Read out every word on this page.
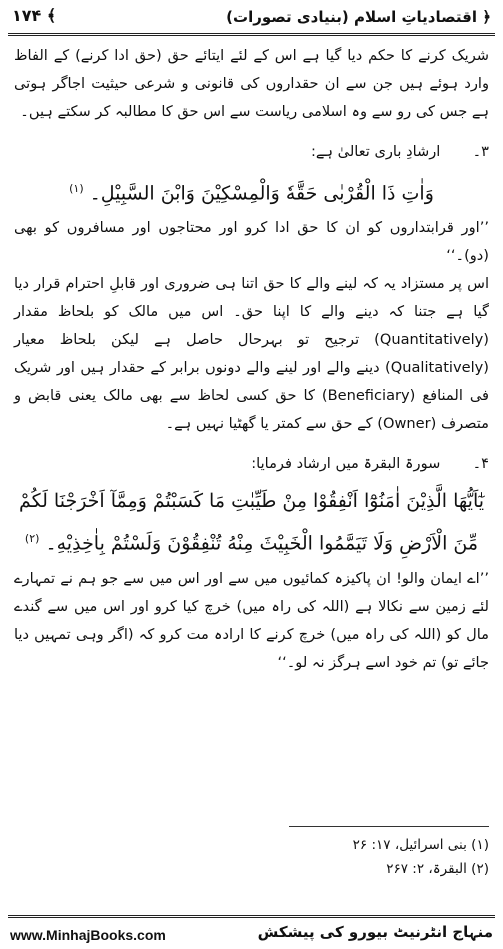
﴿ اقتصادیاتِ اسلام (بنیادی تصورات)
۱۷۴ ﴾

شریک کرنے کا حکم دیا گیا ہے اس کے لئے ایتائے حق (حق ادا کرنے) کے الفاظ وارد ہوئے ہیں جن سے ان حقداروں کی قانونی و شرعی حیثیت اجاگر ہوتی ہے جس کی رو سے وہ اسلامی ریاست سے اس حق کا مطالبہ کر سکتے ہیں۔

۳۔ ارشادِ باری تعالیٰ ہے:

وَاٰتِ ذَا الْقُرْبٰى حَقَّهٗ وَالْمِسْكِيْنَ وَابْنَ السَّبِيْلِ۔ $^{(۱)}$

’’اور قرابتداروں کو ان کا حق ادا کرو اور محتاجوں اور مسافروں کو بھی (دو)۔‘‘

اس پر مستزاد یہ کہ لینے والے کا حق اتنا ہی ضروری اور قابلِ احترام قرار دیا گیا ہے جتنا کہ دینے والے کا اپنا حق۔ اس میں مالک کو بلحاظ مقدار (Quantitatively) ترجیح تو بہرحال حاصل ہے لیکن بلحاظ معیار (Qualitatively) دینے والے اور لینے والے دونوں برابر کے حقدار ہیں اور شریک فی المنافع (Beneficiary) کا حق کسی لحاظ سے بھی مالک یعنی قابض و متصرف (Owner) کے حق سے کمتر یا گھٹیا نہیں ہے۔

۴۔ سورۃ البقرۃ میں ارشاد فرمایا:

يٰٓاَيُّهَا الَّذِيْنَ اٰمَنُوْٓا اَنْفِقُوْا مِنْ طَيِّبٰتِ مَا كَسَبْتُمْ وَمِمَّآ اَخْرَجْنَا لَكُمْ
مِّنَ الْاَرْضِ وَلَا تَيَمَّمُوا الْخَبِيْثَ مِنْهُ تُنْفِقُوْنَ وَلَسْتُمْ بِاٰخِذِيْهِ۔ $^{(۲)}$

’’اے ایمان والو! ان پاکیزہ کمائیوں میں سے اور اس میں سے جو ہم نے تمہارے لئے زمین سے نکالا ہے (اللہ کی راہ میں) خرچ کیا کرو اور اس میں سے گندے مال کو (اللہ کی راہ میں) خرچ کرنے کا ارادہ مت کرو کہ (اگر وہی تمہیں دیا جائے تو) تم خود اسے ہرگز نہ لو۔‘‘

(۱) بنی اسرائیل، ۱۷: ۲۶
(۲) البقرۃ، ۲: ۲۶۷
منہاج انٹرنیٹ بیورو کی پیشکش
www.MinhajBooks.com
